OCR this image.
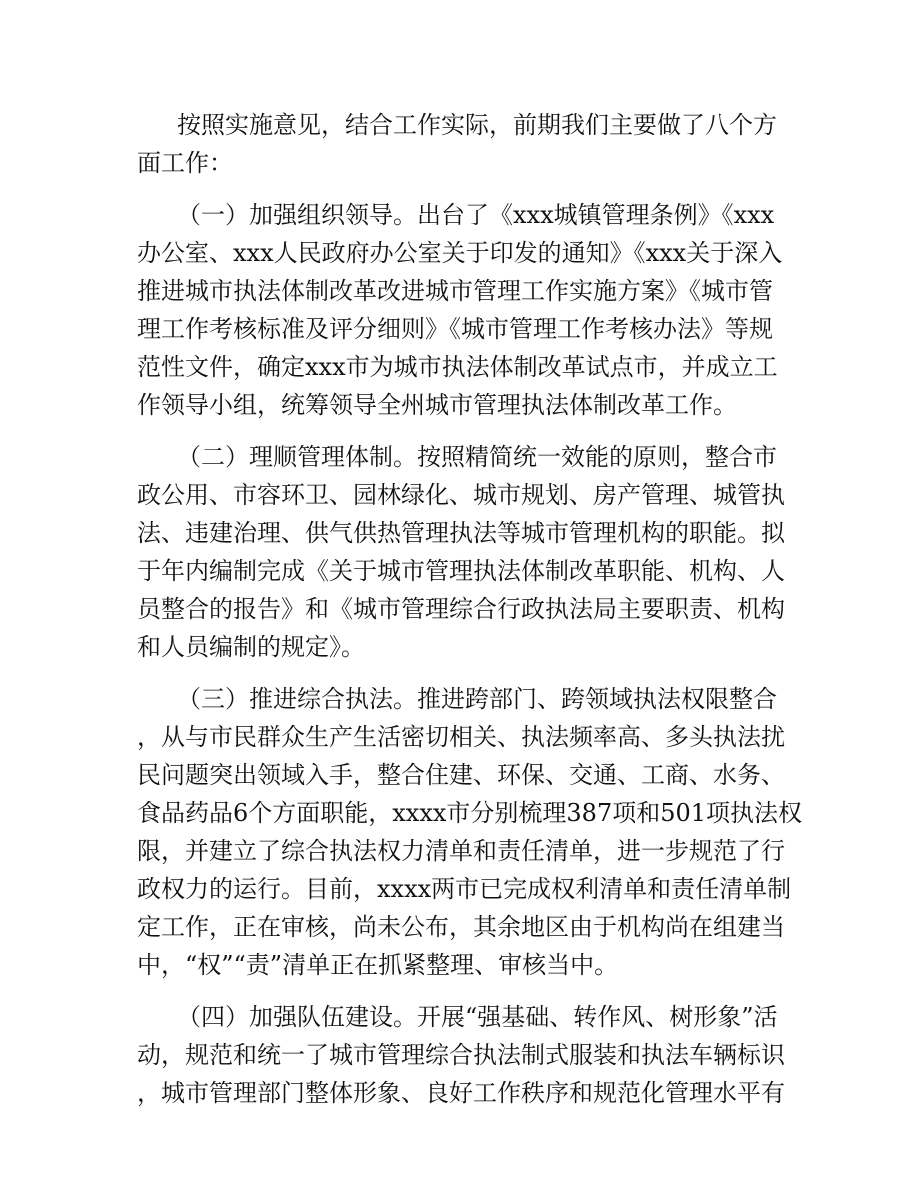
按照实施意见，结合工作实际，前期我们主要做了八个方
面工作：
（一）加强组织领导。出台了《xxx城镇管理条例》《xxx
办公室、xxx人民政府办公室关于印发的通知》《xxx关于深入
推进城市执法体制改革改进城市管理工作实施方案》《城市管
理工作考核标准及评分细则》《城市管理工作考核办法》等规
范性文件，确定xxx市为城市执法体制改革试点市，并成立工
作领导小组，统筹领导全州城市管理执法体制改革工作。
（二）理顺管理体制。按照精简统一效能的原则，整合市
政公用、市容环卫、园林绿化、城市规划、房产管理、城管执
法、违建治理、供气供热管理执法等城市管理机构的职能。拟
于年内编制完成《关于城市管理执法体制改革职能、机构、人
员整合的报告》和《城市管理综合行政执法局主要职责、机构
和人员编制的规定》。
（三）推进综合执法。推进跨部门、跨领域执法权限整合
，从与市民群众生产生活密切相关、执法频率高、多头执法扰
民问题突出领域入手，整合住建、环保、交通、工商、水务、
食品药品6个方面职能，xxxx市分别梳理387项和501项执法权
限，并建立了综合执法权力清单和责任清单，进一步规范了行
政权力的运行。目前，xxxx两市已完成权利清单和责任清单制
定工作，正在审核，尚未公布，其余地区由于机构尚在组建当
中，“权”“责”清单正在抓紧整理、审核当中。
（四）加强队伍建设。开展“强基础、转作风、树形象”活
动，规范和统一了城市管理综合执法制式服装和执法车辆标识
，城市管理部门整体形象、良好工作秩序和规范化管理水平有
